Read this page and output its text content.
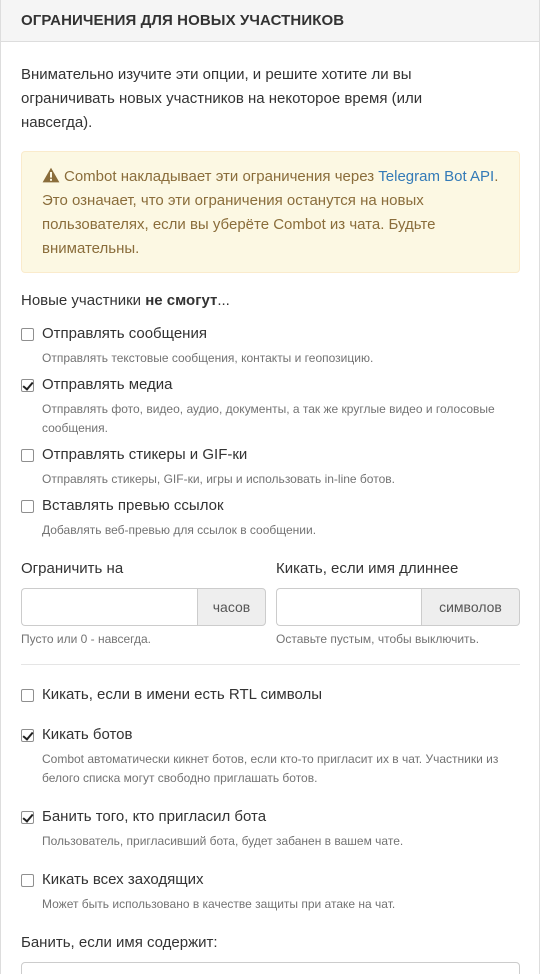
ОГРАНИЧЕНИЯ ДЛЯ НОВЫХ УЧАСТНИКОВ
Внимательно изучите эти опции, и решите хотите ли вы
ограничивать новых участников на некоторое время (или
навсегда).
Combot накладывает эти ограничения через Telegram Bot API. Это означает, что эти ограничения останутся на новых пользователях, если вы уберёте Combot из чата. Будьте внимательны.
Новые участники не смогут...
Отправлять сообщения
Отправлять текстовые сообщения, контакты и геопозицию.
Отправлять медиа
Отправлять фото, видео, аудио, документы, а так же круглые видео и голосовые сообщения.
Отправлять стикеры и GIF-ки
Отправлять стикеры, GIF-ки, игры и использовать in-line ботов.
Вставлять превью ссылок
Добавлять веб-превью для ссылок в сообщении.
Ограничить на
часов
Пусто или 0 - навсегда.
Кикать, если имя длиннее
символов
Оставьте пустым, чтобы выключить.
Кикать, если в имени есть RTL символы
Кикать ботов
Combot автоматически кикнет ботов, если кто-то пригласит их в чат. Участники из белого списка могут свободно приглашать ботов.
Банить того, кто пригласил бота
Пользователь, пригласивший бота, будет забанен в вашем чате.
Кикать всех заходящих
Может быть использовано в качестве защиты при атаке на чат.
Банить, если имя содержит:
